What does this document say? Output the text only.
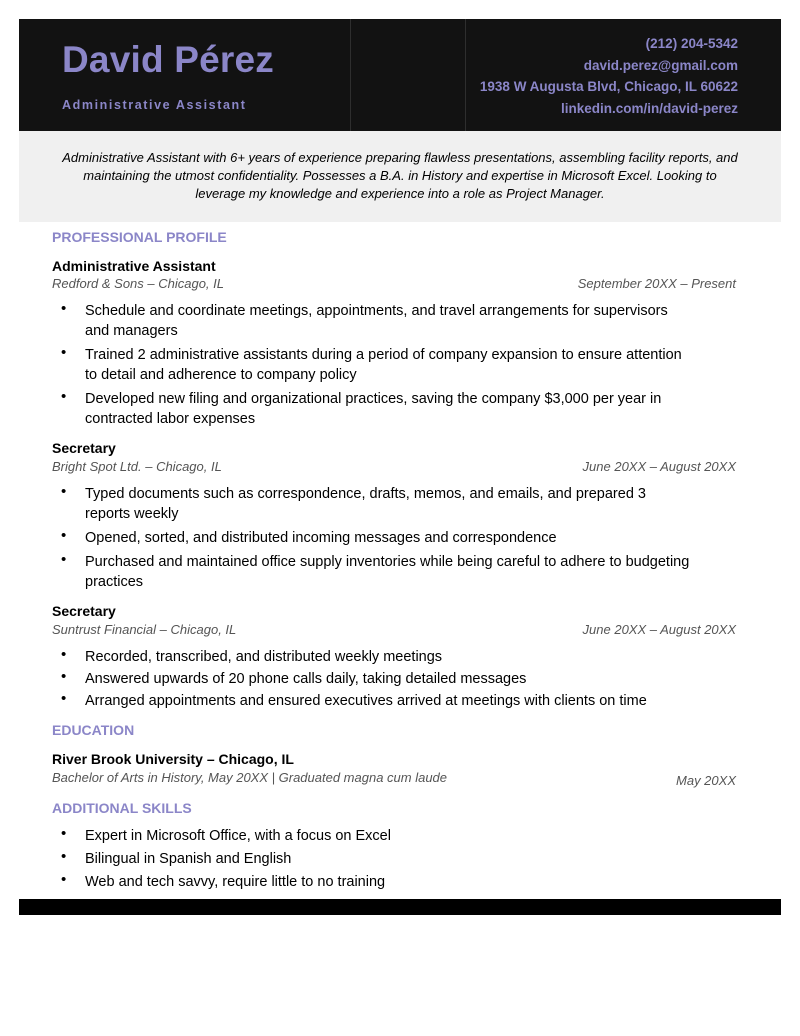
David Pérez
Administrative Assistant
(212) 204-5342
david.perez@gmail.com
1938 W Augusta Blvd, Chicago, IL 60622
linkedin.com/in/david-perez

Administrative Assistant with 6+ years of experience preparing flawless presentations, assembling facility reports, and maintaining the utmost confidentiality. Possesses a B.A. in History and expertise in Microsoft Excel. Looking to leverage my knowledge and experience into a role as Project Manager.

PROFESSIONAL PROFILE
Administrative Assistant
Redford & Sons – Chicago, IL	September 20XX – Present
• Schedule and coordinate meetings, appointments, and travel arrangements for supervisors and managers
• Trained 2 administrative assistants during a period of company expansion to ensure attention to detail and adherence to company policy
• Developed new filing and organizational practices, saving the company $3,000 per year in contracted labor expenses
Secretary
Bright Spot Ltd. – Chicago, IL	June 20XX – August 20XX
• Typed documents such as correspondence, drafts, memos, and emails, and prepared 3 reports weekly
• Opened, sorted, and distributed incoming messages and correspondence
• Purchased and maintained office supply inventories while being careful to adhere to budgeting practices
Secretary
Suntrust Financial – Chicago, IL	June 20XX – August 20XX
• Recorded, transcribed, and distributed weekly meetings
• Answered upwards of 20 phone calls daily, taking detailed messages
• Arranged appointments and ensured executives arrived at meetings with clients on time
EDUCATION
River Brook University – Chicago, IL
Bachelor of Arts in History, May 20XX | Graduated magna cum laude	May 20XX
ADDITIONAL SKILLS
• Expert in Microsoft Office, with a focus on Excel
• Bilingual in Spanish and English
• Web and tech savvy, require little to no training
